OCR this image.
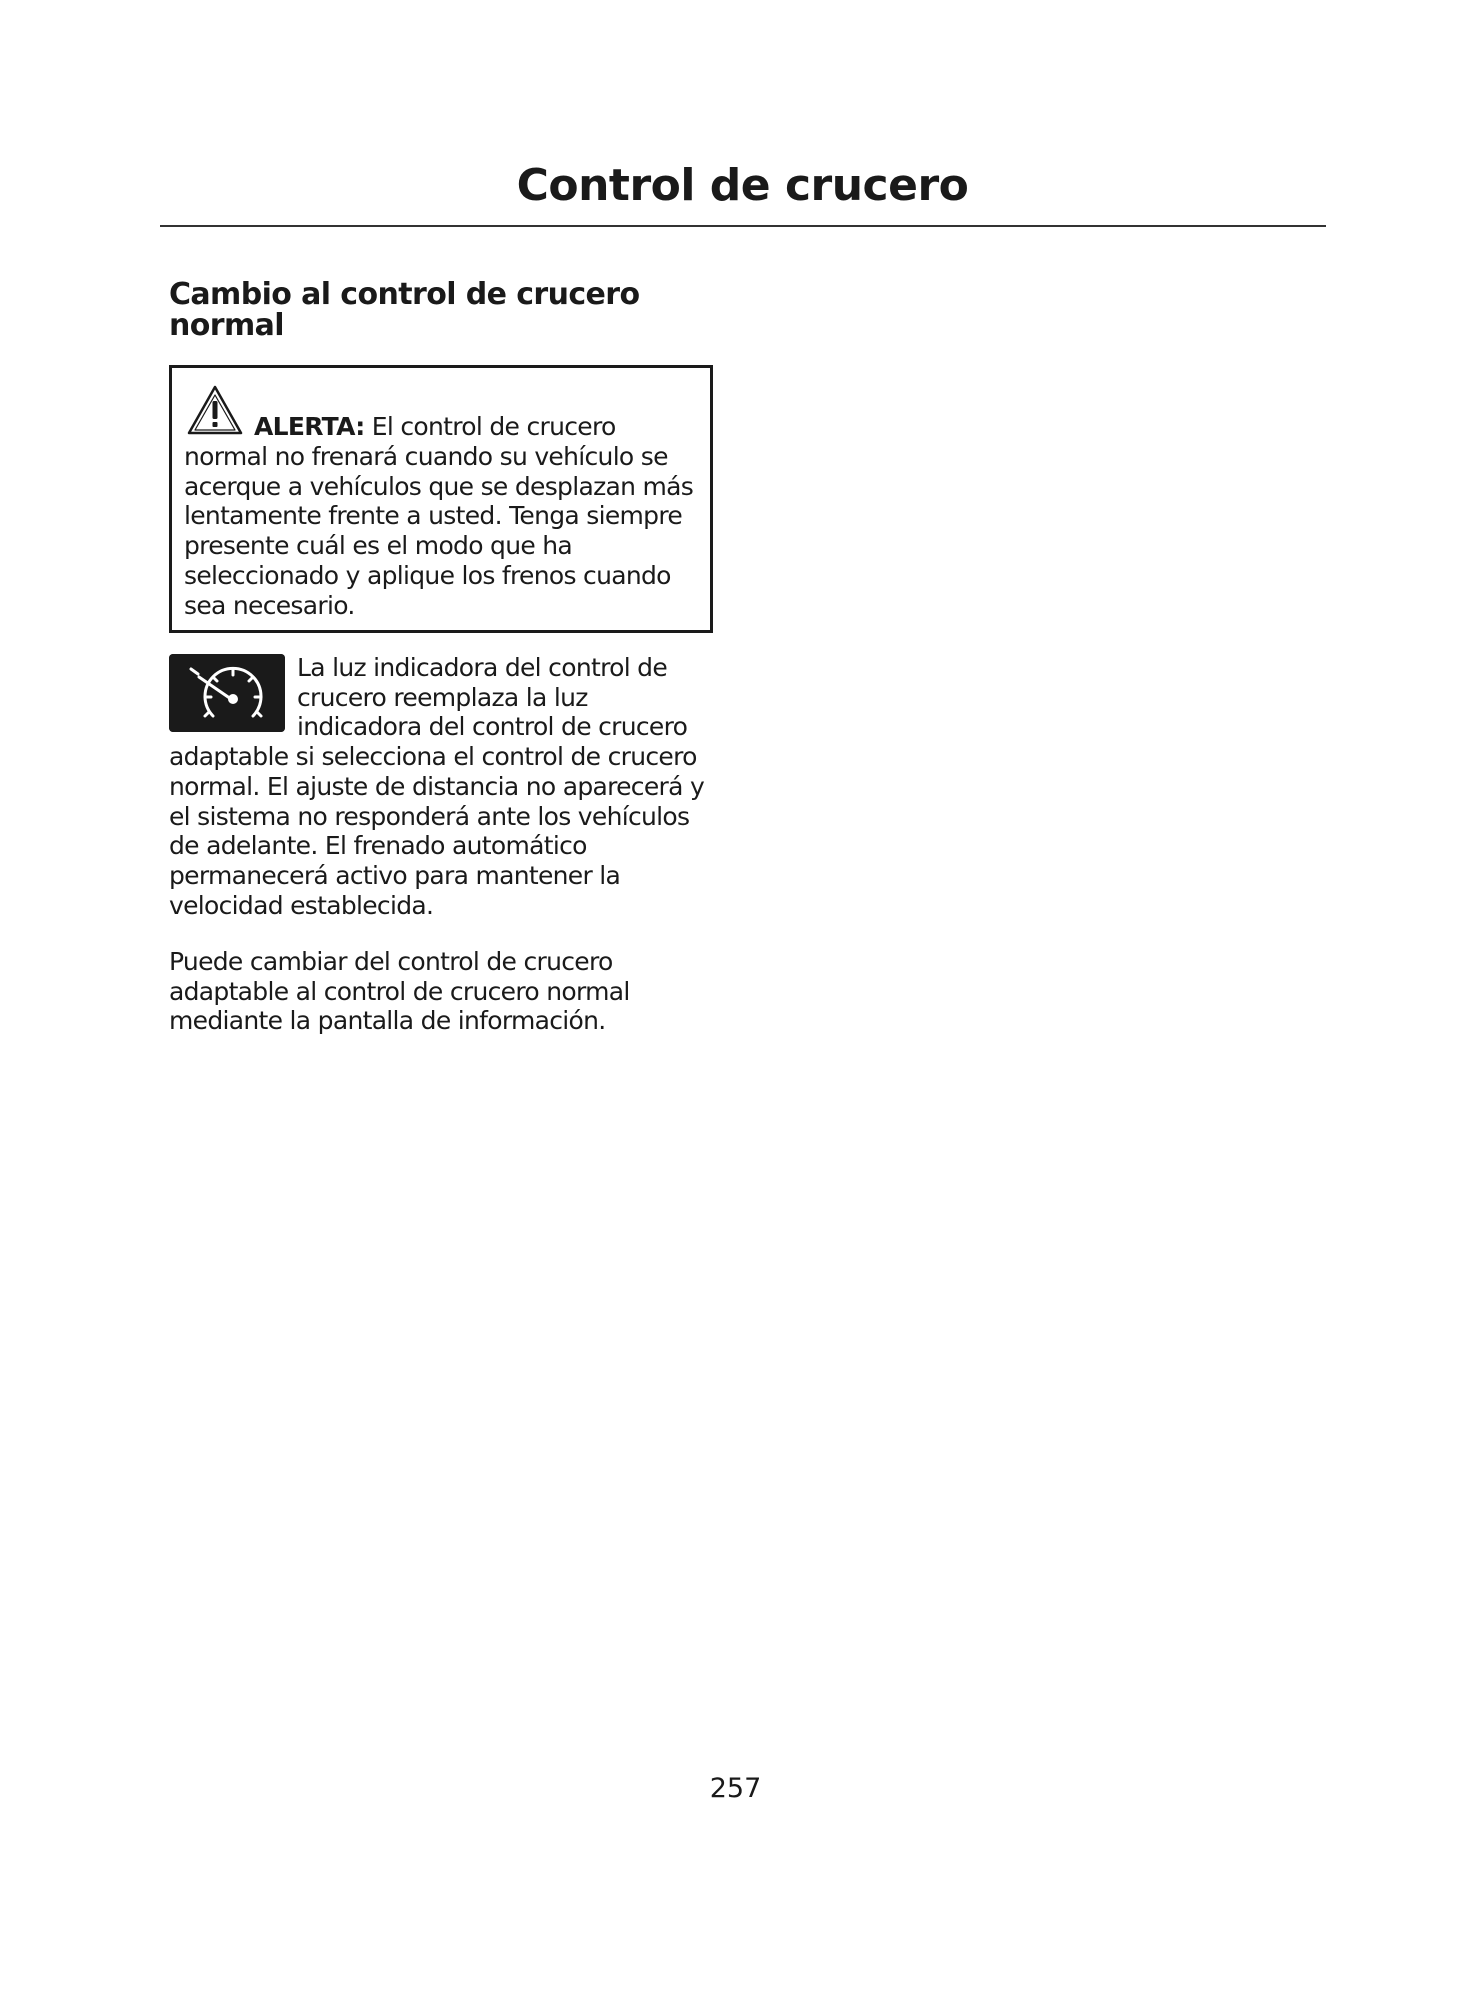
Control de crucero
Cambio al control de crucero normal

ALERTA: El control de crucero normal no frenará cuando su vehículo se acerque a vehículos que se desplazan más lentamente frente a usted. Tenga siempre presente cuál es el modo que ha seleccionado y aplique los frenos cuando sea necesario.

La luz indicadora del control de crucero reemplaza la luz indicadora del control de crucero adaptable si selecciona el control de crucero normal. El ajuste de distancia no aparecerá y el sistema no responderá ante los vehículos de adelante. El frenado automático permanecerá activo para mantener la velocidad establecida.

Puede cambiar del control de crucero adaptable al control de crucero normal mediante la pantalla de información.

257
